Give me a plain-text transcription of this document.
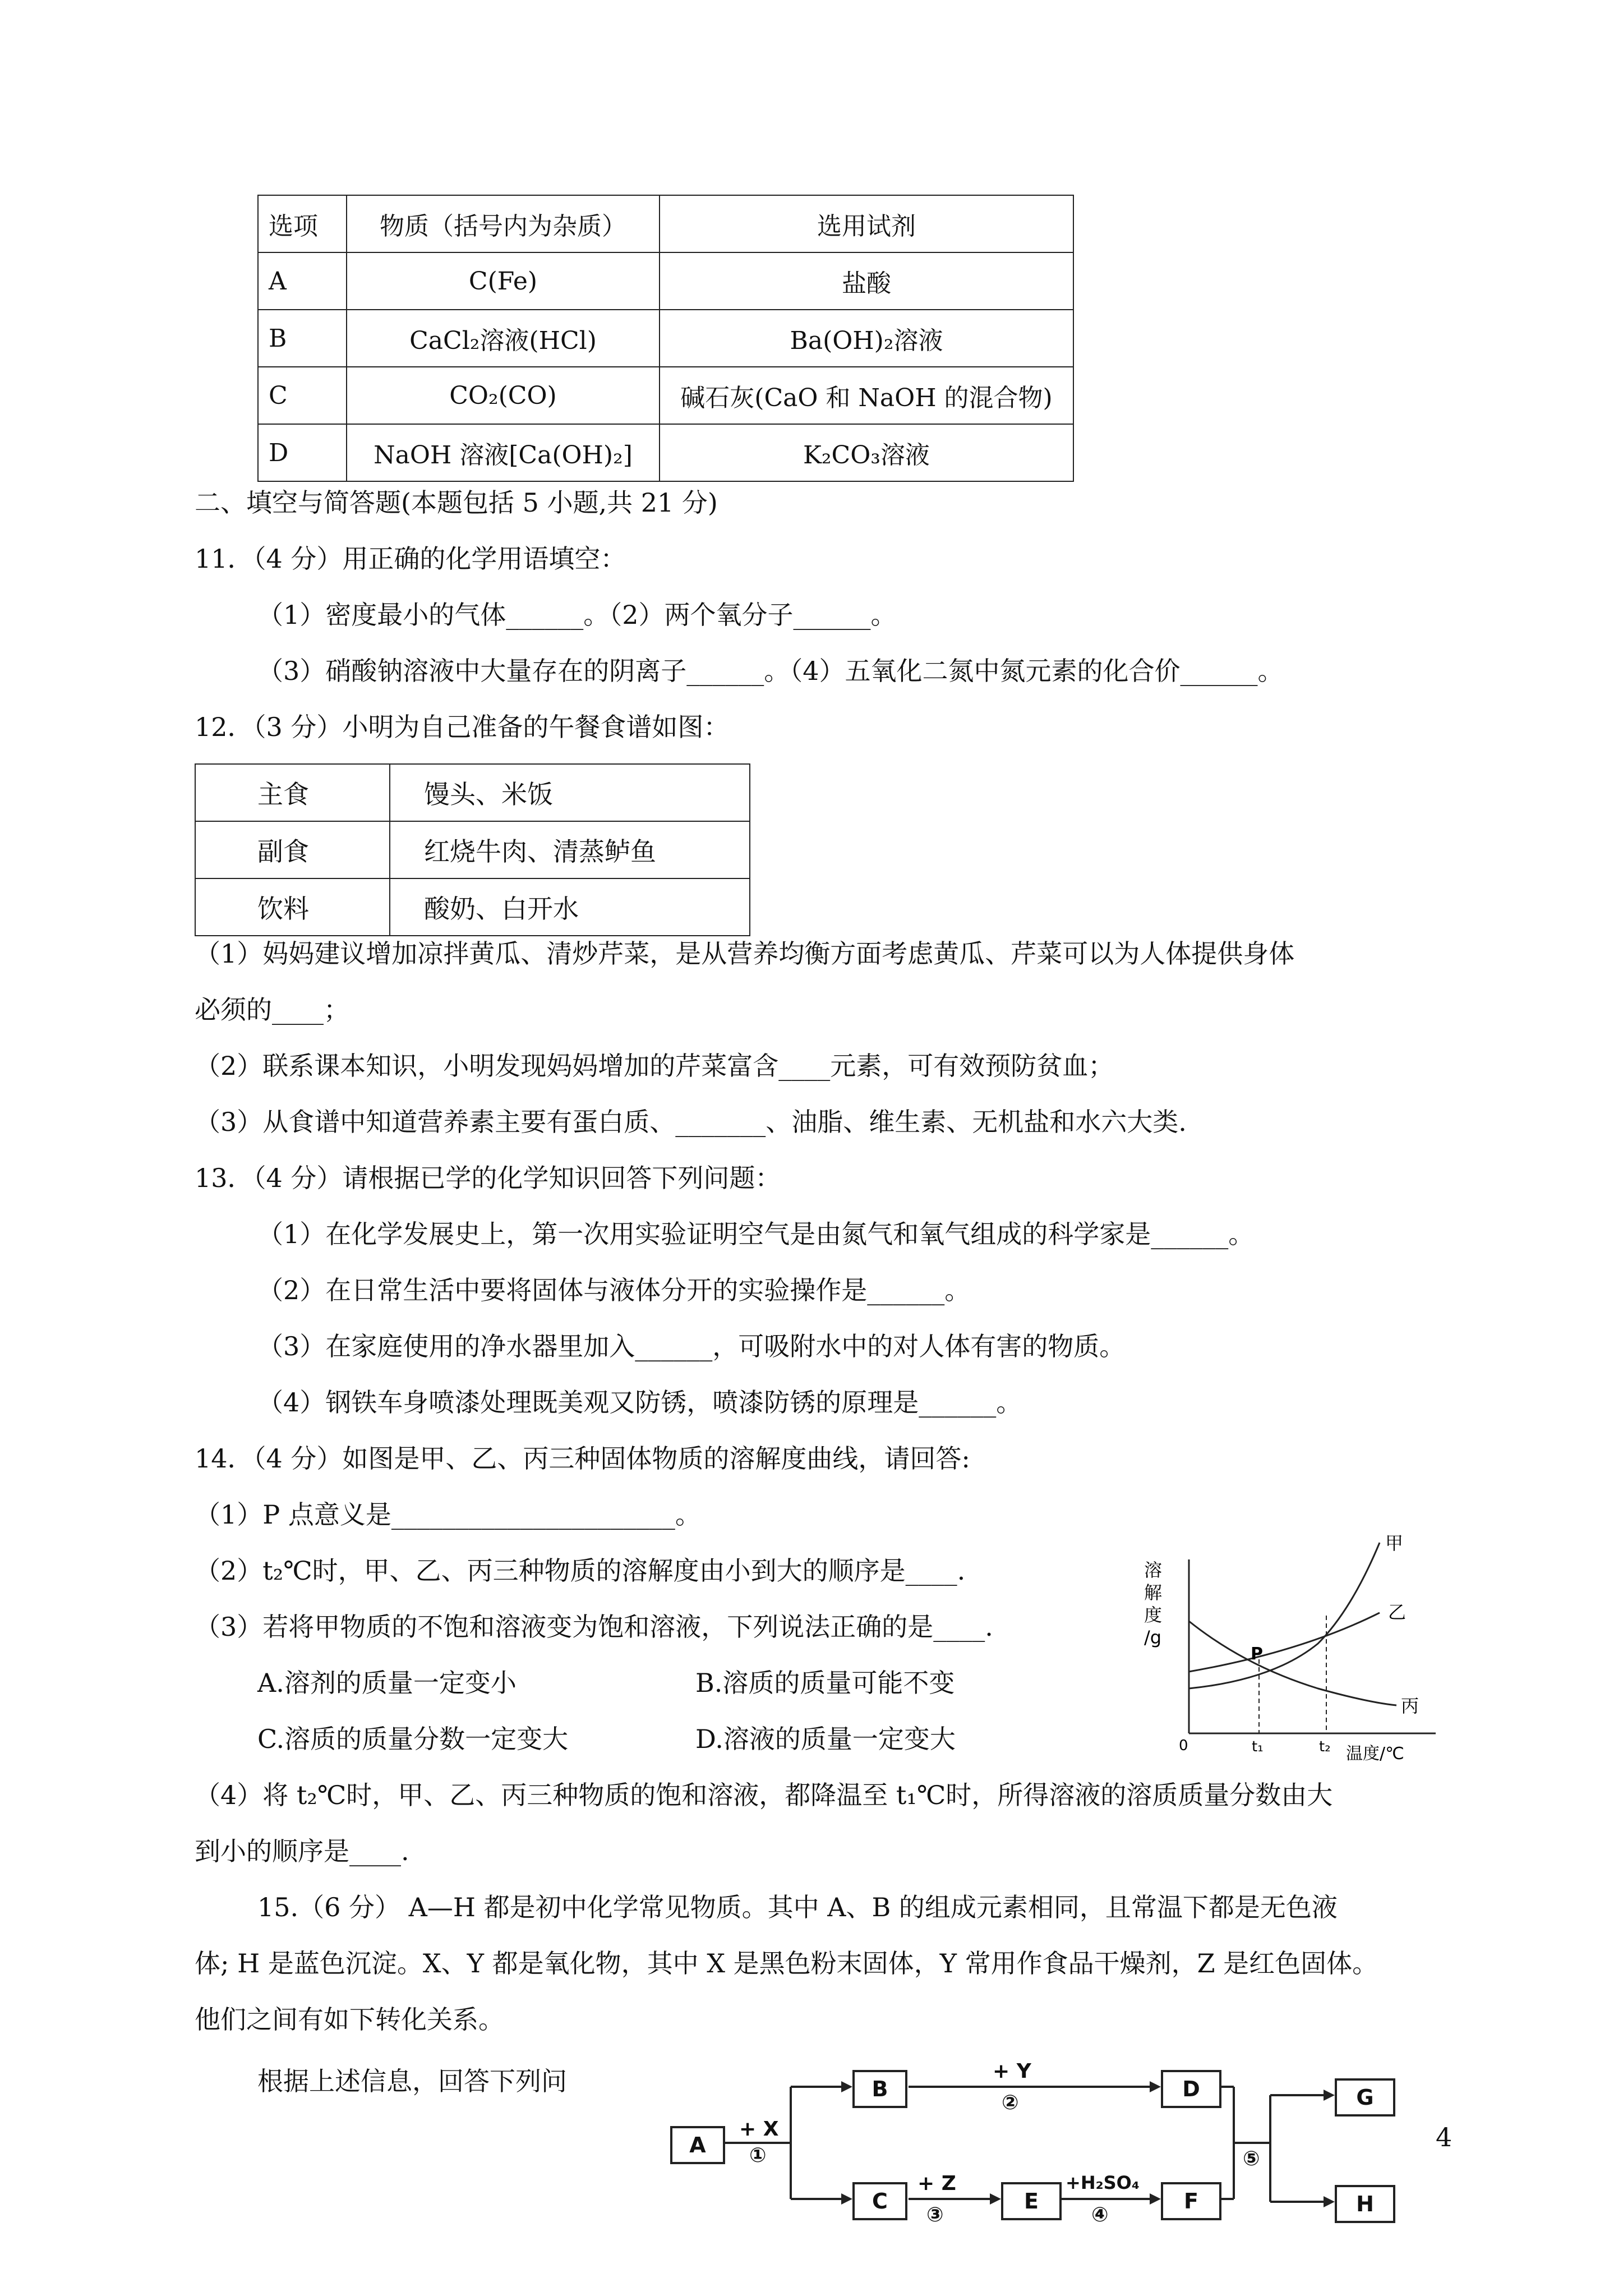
选项	物质（括号内为杂质）	选用试剂
A	C(Fe)	盐酸
B	CaCl₂溶液(HCl)	Ba(OH)₂溶液
C	CO₂(CO)	碱石灰(CaO 和 NaOH 的混合物)
D	NaOH 溶液[Ca(OH)₂]	K₂CO₃溶液
二、填空与简答题(本题包括 5 小题,共 21 分)
11．（4 分）用正确的化学用语填空：
（1）密度最小的气体______。（2）两个氧分子______。
（3）硝酸钠溶液中大量存在的阴离子______。（4）五氧化二氮中氮元素的化合价______。
12．（3 分）小明为自己准备的午餐食谱如图：
主食	馒头、米饭
副食	红烧牛肉、清蒸鲈鱼
饮料	酸奶、白开水
（1）妈妈建议增加凉拌黄瓜、清炒芹菜，是从营养均衡方面考虑黄瓜、芹菜可以为人体提供身体
必须的____；
（2）联系课本知识，小明发现妈妈增加的芹菜富含____元素，可有效预防贫血；
（3）从食谱中知道营养素主要有蛋白质、_______、油脂、维生素、无机盐和水六大类.
13．（4 分）请根据已学的化学知识回答下列问题：
（1）在化学发展史上，第一次用实验证明空气是由氮气和氧气组成的科学家是______。
（2）在日常生活中要将固体与液体分开的实验操作是______。
（3）在家庭使用的净水器里加入______，可吸附水中的对人体有害的物质。
（4）钢铁车身喷漆处理既美观又防锈，喷漆防锈的原理是______。
14．（4 分）如图是甲、乙、丙三种固体物质的溶解度曲线，请回答:
（1）P 点意义是______________________。
（2）t₂℃时，甲、乙、丙三种物质的溶解度由小到大的顺序是____.
（3）若将甲物质的不饱和溶液变为饱和溶液，下列说法正确的是____.
A.溶剂的质量一定变小	B.溶质的质量可能不变
C.溶质的质量分数一定变大	D.溶液的质量一定变大
（4）将 t₂℃时，甲、乙、丙三种物质的饱和溶液，都降温至 t₁℃时，所得溶液的溶质质量分数由大
到小的顺序是____.
溶
解
度
/g
P
0	t₁	t₂ 温度/℃
甲
乙
丙
15.（6 分） A—H 都是初中化学常见物质。其中 A、B 的组成元素相同，且常温下都是无色液
体; H 是蓝色沉淀。X、Y 都是氧化物，其中 X 是黑色粉末固体，Y 常用作食品干燥剂，Z 是红色固体。
他们之间有如下转化关系。
根据上述信息，回答下列问
A
B
C
D
E	F
G
H
+ X
①
+ Y
②
+ Z
③
+H₂SO₄
④
⑤
4
